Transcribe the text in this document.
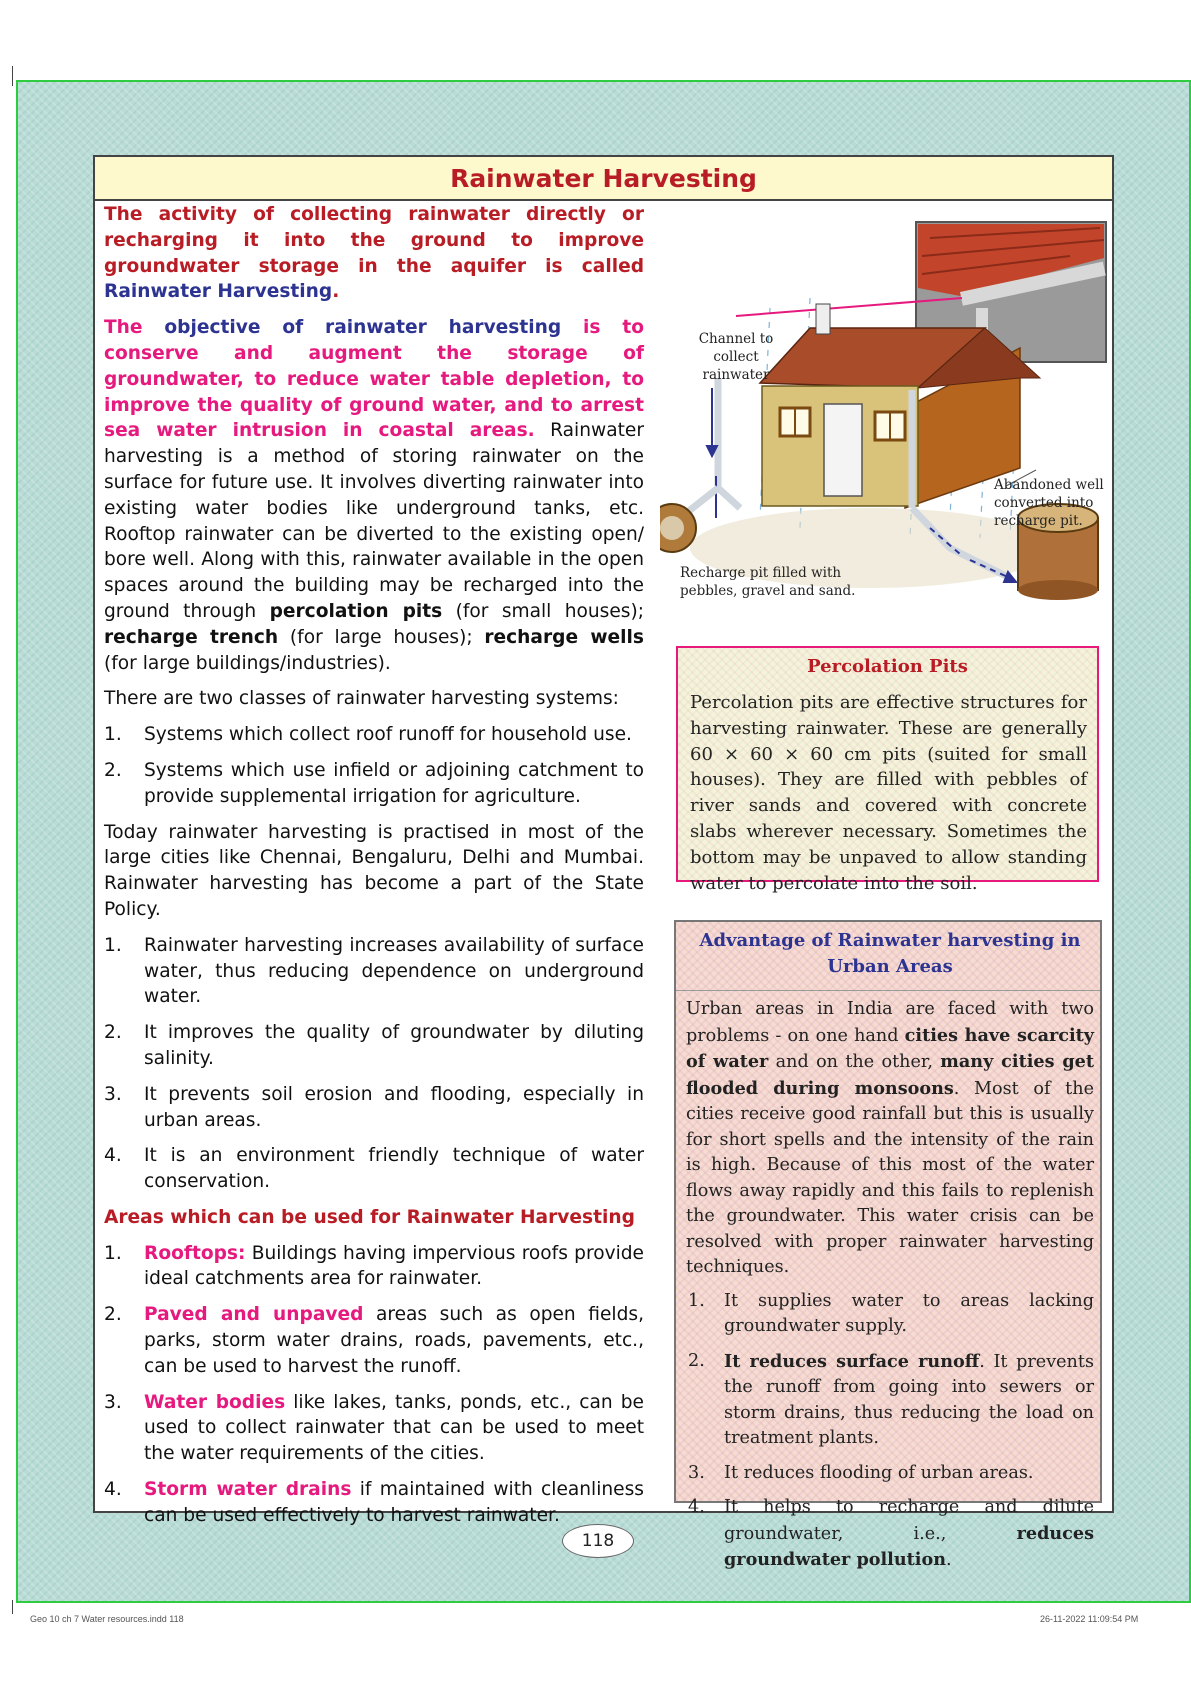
Rainwater Harvesting

The activity of collecting rainwater directly or recharging it into the ground to improve groundwater storage in the aquifer is called Rainwater Harvesting.

The objective of rainwater harvesting is to conserve and augment the storage of groundwater, to reduce water table depletion, to improve the quality of ground water, and to arrest sea water intrusion in coastal areas. Rainwater harvesting is a method of storing rainwater on the surface for future use. It involves diverting rainwater into existing water bodies like underground tanks, etc. Rooftop rainwater can be diverted to the existing open/ bore well. Along with this, rainwater available in the open spaces around the building may be recharged into the ground through percolation pits (for small houses); recharge trench (for large houses); recharge wells (for large buildings/industries).

There are two classes of rainwater harvesting systems:

1. Systems which collect roof runoff for household use.
2. Systems which use infield or adjoining catchment to provide supplemental irrigation for agriculture.

Today rainwater harvesting is practised in most of the large cities like Chennai, Bengaluru, Delhi and Mumbai. Rainwater harvesting has become a part of the State Policy.

1. Rainwater harvesting increases availability of surface water, thus reducing dependence on underground water.
2. It improves the quality of groundwater by diluting salinity.
3. It prevents soil erosion and flooding, especially in urban areas.
4. It is an environment friendly technique of water conservation.

Areas which can be used for Rainwater Harvesting

1. Rooftops: Buildings having impervious roofs provide ideal catchments area for rainwater.
2. Paved and unpaved areas such as open fields, parks, storm water drains, roads, pavements, etc., can be used to harvest the runoff.
3. Water bodies like lakes, tanks, ponds, etc., can be used to collect rainwater that can be used to meet the water requirements of the cities.
4. Storm water drains if maintained with cleanliness can be used effectively to harvest rainwater.
Channel to collect
rainwater
Abandoned well
converted into
recharge pit.
Recharge pit filled with
pebbles, gravel and sand.
Percolation Pits
Percolation pits are effective structures for harvesting rainwater. These are generally 60 × 60 × 60 cm pits (suited for small houses). They are filled with pebbles of river sands and covered with concrete slabs wherever necessary. Sometimes the bottom may be unpaved to allow standing water to percolate into the soil.
Advantage of Rainwater harvesting in Urban Areas

Urban areas in India are faced with two problems - on one hand cities have scarcity of water and on the other, many cities get flooded during monsoons. Most of the cities receive good rainfall but this is usually for short spells and the intensity of the rain is high. Because of this most of the water flows away rapidly and this fails to replenish the groundwater. This water crisis can be resolved with proper rainwater harvesting techniques.

1. It supplies water to areas lacking groundwater supply.
2. It reduces surface runoff. It prevents the runoff from going into sewers or storm drains, thus reducing the load on treatment plants.
3. It reduces flooding of urban areas.
4. It helps to recharge and dilute groundwater, i.e., reduces groundwater pollution.
118
Geo 10 ch 7 Water resources.indd 118	26-11-2022 11:09:54 PM
